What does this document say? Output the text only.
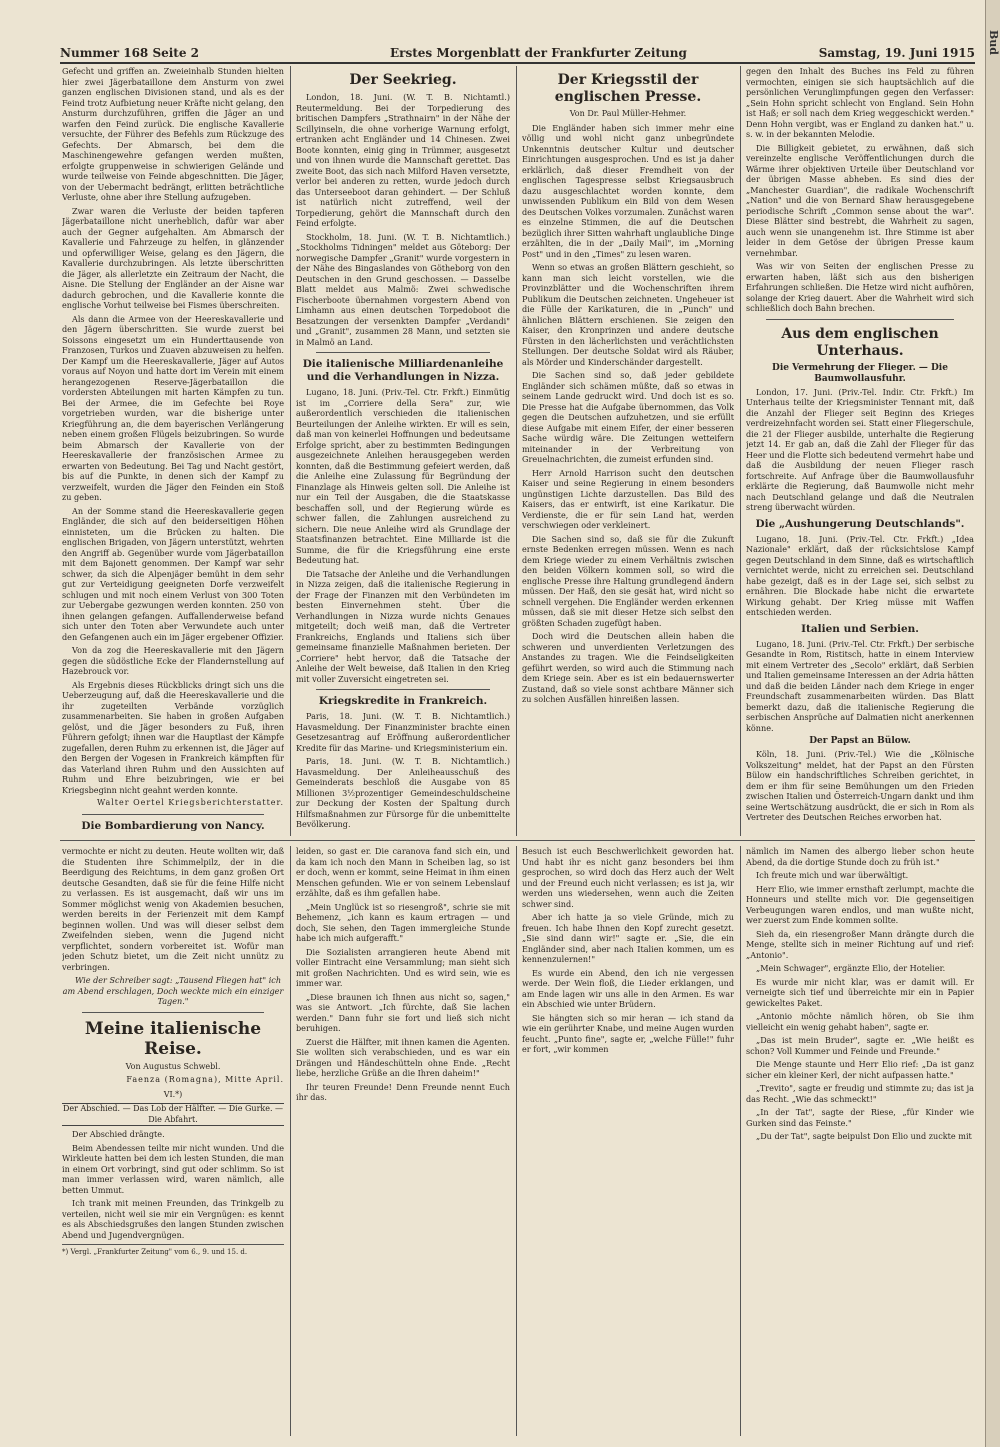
Nummer 168 Seite 2	Erstes Morgenblatt der Frankfurter Zeitung	Samstag, 19. Juni 1915

Gefecht und griffen an. Zweieinhalb Stunden hielten hier zwei Jägerbataillone dem Ansturm von zwei ganzen englischen Divisionen stand, und als es der Feind trotz Aufbietung neuer Kräfte nicht gelang, den Ansturm durchzuführen, griffen die Jäger an und warfen den Feind zurück. Die englische Kavallerie versuchte, der Führer des Befehls zum Rückzuge des Gefechts. Der Abmarsch, bei dem die Maschinengewehre gefangen werden mußten, erfolgte gruppenweise in schwierigen Gelände und wurde teilweise von Feinde abgeschnitten. Die Jäger, von der Uebermacht bedrängt, erlitten beträchtliche Verluste, ohne aber ihre Stellung aufzugeben.

Zwar waren die Verluste der beiden tapferen Jägerbataillone nicht unerheblich, dafür war aber auch der Gegner aufgehalten. Am Abmarsch der Kavallerie und Fahrzeuge zu helfen, in glänzender und opferwilliger Weise, gelang es den Jägern, die Kavallerie durchzubringen. Als letzte überschritten die Jäger, als allerletzte ein Zeitraum der Nacht, die Aisne. Die Stellung der Engländer an der Aisne war dadurch gebrochen, und die Kavallerie konnte die englische Vorhut teilweise bei Fismes überschreiten.

Als dann die Armee von der Heereskavallerie und den Jägern überschritten. Sie wurde zuerst bei Soissons eingesetzt um ein Hunderttausende von Franzosen, Turkos und Zuaven abzuweisen zu helfen. Der Kampf um die Heereskavallerie, Jäger auf Autos voraus auf Noyon und hatte dort im Verein mit einem herangezogenen Reserve-Jägerbataillon die vordersten Abteilungen mit harten Kämpfen zu tun. Bei der Armee, die im Gefechte bei Roye vorgetrieben wurden, war die bisherige unter Kriegführung an, die dem bayerischen Verlängerung neben einem großen Flügels beizubringen. So wurde beim Abmarsch der Kavallerie von der Heereskavallerie der französischen Armee zu erwarten von Bedeutung. Bei Tag und Nacht gestört, bis auf die Punkte, in denen sich der Kampf zu verzweifelt, wurden die Jäger den Feinden ein Stoß zu geben.

An der Somme stand die Heereskavallerie gegen Engländer, die sich auf den beiderseitigen Höhen einnisteten, um die Brücken zu halten. Die englischen Brigaden, von Jägern unterstützt, wehrten den Angriff ab. Gegenüber wurde vom Jägerbataillon mit dem Bajonett genommen. Der Kampf war sehr schwer, da sich die Alpenjäger bemüht in dem sehr gut zur Verteidigung geeigneten Dorfe verzweifelt schlugen und mit noch einem Verlust von 300 Toten zur Uebergabe gezwungen werden konnten. 250 von ihnen gelangen gefangen. Auffallenderweise befand sich unter den Toten aber Verwundete auch unter den Gefangenen auch ein im Jäger ergebener Offizier.

Von da zog die Heereskavallerie mit den Jägern gegen die südöstliche Ecke der Flandernstellung auf Hazebrouck vor.

Als Ergebnis dieses Rückblicks dringt sich uns die Ueberzeugung auf, daß die Heereskavallerie und die ihr zugeteilten Verbände vorzüglich zusammenarbeiten. Sie haben in großen Aufgaben gelöst, und die Jäger besonders zu Fuß, ihren Führern gefolgt; ihnen war die Hauptlast der Kämpfe zugefallen, deren Ruhm zu erkennen ist, die Jäger auf den Bergen der Vogesen in Frankreich kämpften für das Vaterland ihren Ruhm und den Aussichten auf Ruhm und Ehre beizubringen, wie er bei Kriegsbeginn nicht geahnt werden konnte.

Walter Oertel Kriegsberichterstatter.
Die Bombardierung von Nancy.

Der Seekrieg.

London, 18. Juni. (W. T. B. Nichtamtl.) Reutermeldung. Bei der Torpedierung des britischen Dampfers „Strathnairn" in der Nähe der Scillyinseln, die ohne vorherige Warnung erfolgt, ertranken acht Engländer und 14 Chinesen. Zwei Boote konnten, einig ging in Trümmer, ausgesetzt und von ihnen wurde die Mannschaft gerettet. Das zweite Boot, das sich nach Milford Haven versetzte, verlor bei anderen zu retten, wurde jedoch durch das Unterseeboot daran gehindert. — Der Schluß ist natürlich nicht zutreffend, weil der Torpedierung, gehört die Mannschaft durch den Feind erfolgte.

Stockholm, 18. Juni. (W. T. B. Nichtamtlich.) „Stockholms Tidningen" meldet aus Göteborg: Der norwegische Dampfer „Granit" wurde vorgestern in der Nähe des Bingaslandes von Götheborg von den Deutschen in den Grund geschossen. — Dasselbe Blatt meldet aus Malmö: Zwei schwedische Fischerboote übernahmen vorgestern Abend von Limhamn aus einen deutschen Torpedoboot die Besatzungen der versenkten Dampfer „Verdandi" und „Granit", zusammen 28 Mann, und setzten sie in Malmö an Land.

Die italienische Milliardenanleihe und die Verhandlungen in Nizza.

Lugano, 18. Juni. (Priv.-Tel. Ctr. Frkft.) Einmütig ist im „Corriere della Sera" zur, wie außerordentlich verschieden die italienischen Beurteilungen der Anleihe wirkten. Er will es sein, daß man von keinerlei Hoffnungen und bedeutsame Erfolge spricht, aber zu bestimmten Bedingungen ausgezeichnete Anleihen herausgegeben werden konnten, daß die Bestimmung gefeiert werden, daß die Anleihe eine Zulassung für Begründung der Finanzlage als Hinweis gelten soll. Die Anleihe ist nur ein Teil der Ausgaben, die die Staatskasse beschaffen soll, und der Regierung würde es schwer fallen, die Zahlungen ausreichend zu sichern. Die neue Anleihe wird als Grundlage der Staatsfinanzen betrachtet. Eine Milliarde ist die Summe, die für die Kriegsführung eine erste Bedeutung hat.

Die Tatsache der Anleihe und die Verhandlungen in Nizza zeigen, daß die italienische Regierung in der Frage der Finanzen mit den Verbündeten im besten Einvernehmen steht. Über die Verhandlungen in Nizza wurde nichts Genaues mitgeteilt; doch weiß man, daß die Vertreter Frankreichs, Englands und Italiens sich über gemeinsame finanzielle Maßnahmen berieten. Der „Corriere" hebt hervor, daß die Tatsache der Anleihe der Welt beweise, daß Italien in den Krieg mit voller Zuversicht eingetreten sei.

Kriegskredite in Frankreich.

Paris, 18. Juni. (W. T. B. Nichtamtlich.) Havasmeldung. Der Finanzminister brachte einen Gesetzesantrag auf Eröffnung außerordentlicher Kredite für das Marine- und Kriegsministerium ein.

Paris, 18. Juni. (W. T. B. Nichtamtlich.) Havasmeldung. Der Anleiheausschuß des Gemeinderats beschloß die Ausgabe von 85 Millionen 3½prozentiger Gemeindeschuldscheine zur Deckung der Kosten der Spaltung durch Hilfsmaßnahmen zur Fürsorge für die unbemittelte Bevölkerung.

Der Kriegsstil der englischen Presse.
Von Dr. Paul Müller-Hehmer.

Die Engländer haben sich immer mehr eine völlig und wohl nicht ganz unbegründete Unkenntnis deutscher Kultur und deutscher Einrichtungen ausgesprochen. Und es ist ja daher erklärlich, daß dieser Fremdheit von der englischen Tagespresse selbst Kriegsausbruch dazu ausgeschlachtet worden konnte, dem unwissenden Publikum ein Bild von dem Wesen des Deutschen Volkes vorzumalen. Zunächst waren es einzelne Stimmen, die auf die Deutschen bezüglich ihrer Sitten wahrhaft unglaubliche Dinge erzählten, die in der „Daily Mail", im „Morning Post" und in den „Times" zu lesen waren.

Wenn so etwas an großen Blättern geschieht, so kann man sich leicht vorstellen, wie die Provinzblätter und die Wochenschriften ihrem Publikum die Deutschen zeichneten. Ungeheuer ist die Fülle der Karikaturen, die in „Punch" und ähnlichen Blättern erschienen. Sie zeigen den Kaiser, den Kronprinzen und andere deutsche Fürsten in den lächerlichsten und verächtlichsten Stellungen. Der deutsche Soldat wird als Räuber, als Mörder und Kinderschänder dargestellt.

Die Sachen sind so, daß jeder gebildete Engländer sich schämen müßte, daß so etwas in seinem Lande gedruckt wird. Und doch ist es so. Die Presse hat die Aufgabe übernommen, das Volk gegen die Deutschen aufzuhetzen, und sie erfüllt diese Aufgabe mit einem Eifer, der einer besseren Sache würdig wäre. Die Zeitungen wetteifern miteinander in der Verbreitung von Greuelnachrichten, die zumeist erfunden sind.

Herr Arnold Harrison sucht den deutschen Kaiser und seine Regierung in einem besonders ungünstigen Lichte darzustellen. Das Bild des Kaisers, das er entwirft, ist eine Karikatur. Die Verdienste, die er für sein Land hat, werden verschwiegen oder verkleinert.

Die Sachen sind so, daß sie für die Zukunft ernste Bedenken erregen müssen. Wenn es nach dem Kriege wieder zu einem Verhältnis zwischen den beiden Völkern kommen soll, so wird die englische Presse ihre Haltung grundlegend ändern müssen. Der Haß, den sie gesät hat, wird nicht so schnell vergehen. Die Engländer werden erkennen müssen, daß sie mit dieser Hetze sich selbst den größten Schaden zugefügt haben.

Doch wird die Deutschen allein haben die schweren und unverdienten Verletzungen des Anstandes zu tragen. Wie die Feindseligkeiten geführt werden, so wird auch die Stimmung nach dem Kriege sein. Aber es ist ein bedauernswerter Zustand, daß so viele sonst achtbare Männer sich zu solchen Ausfällen hinreißen lassen.

gegen den Inhalt des Buches ins Feld zu führen vermochten, einigen sie sich hauptsächlich auf die persönlichen Verunglimpfungen gegen den Verfasser: „Sein Hohn spricht schlecht von England. Sein Hohn ist Haß; er soll nach dem Krieg weggeschickt werden." Denn Hohn vergibt, was er England zu danken hat." u. s. w. in der bekannten Melodie.

Die Billigkeit gebietet, zu erwähnen, daß sich vereinzelte englische Veröffentlichungen durch die Wärme ihrer objektiven Urteile über Deutschland vor der übrigen Masse abheben. Es sind dies der „Manchester Guardian", die radikale Wochenschrift „Nation" und die von Bernard Shaw herausgegebene periodische Schrift „Common sense about the war". Diese Blätter sind bestrebt, die Wahrheit zu sagen, auch wenn sie unangenehm ist. Ihre Stimme ist aber leider in dem Getöse der übrigen Presse kaum vernehmbar.

Was wir von Seiten der englischen Presse zu erwarten haben, läßt sich aus den bisherigen Erfahrungen schließen. Die Hetze wird nicht aufhören, solange der Krieg dauert. Aber die Wahrheit wird sich schließlich doch Bahn brechen.

Aus dem englischen Unterhaus.
Die Vermehrung der Flieger. — Die Baumwollausfuhr.

London, 17. Juni. (Priv.-Tel. Indir. Ctr. Frkft.) Im Unterhaus teilte der Kriegsminister Tennant mit, daß die Anzahl der Flieger seit Beginn des Krieges verdreizehnfacht worden sei. Statt einer Fliegerschule, die 21 der Flieger ausbilde, unterhalte die Regierung jetzt 14. Er gab an, daß die Zahl der Flieger für das Heer und die Flotte sich bedeutend vermehrt habe und daß die Ausbildung der neuen Flieger rasch fortschreite. Auf Anfrage über die Baumwollausfuhr erklärte die Regierung, daß Baumwolle nicht mehr nach Deutschland gelange und daß die Neutralen streng überwacht würden.

Die „Aushungerung Deutschlands".

Lugano, 18. Juni. (Priv.-Tel. Ctr. Frkft.) „Idea Nazionale" erklärt, daß der rücksichtslose Kampf gegen Deutschland in dem Sinne, daß es wirtschaftlich vernichtet werde, nicht zu erreichen sei. Deutschland habe gezeigt, daß es in der Lage sei, sich selbst zu ernähren. Die Blockade habe nicht die erwartete Wirkung gehabt. Der Krieg müsse mit Waffen entschieden werden.

Italien und Serbien.

Lugano, 18. Juni. (Priv.-Tel. Ctr. Frkft.) Der serbische Gesandte in Rom, Ristitsch, hatte in einem Interview mit einem Vertreter des „Secolo" erklärt, daß Serbien und Italien gemeinsame Interessen an der Adria hätten und daß die beiden Länder nach dem Kriege in enger Freundschaft zusammenarbeiten würden. Das Blatt bemerkt dazu, daß die italienische Regierung die serbischen Ansprüche auf Dalmatien nicht anerkennen könne.

Der Papst an Bülow.

Köln, 18. Juni. (Priv.-Tel.) Wie die „Kölnische Volkszeitung" meldet, hat der Papst an den Fürsten Bülow ein handschriftliches Schreiben gerichtet, in dem er ihm für seine Bemühungen um den Frieden zwischen Italien und Österreich-Ungarn dankt und ihm seine Wertschätzung ausdrückt, die er sich in Rom als Vertreter des Deutschen Reiches erworben hat.

vermochte er nicht zu deuten. Heute wollten wir, daß die Studenten ihre Schimmelpilz, der in die Beerdigung des Reichtums, in dem ganz großen Ort deutsche Gesandten, daß sie für die feine Hilfe nicht zu verlassen. Es ist ausgemacht, daß wir uns im Sommer möglichst wenig von Akademien besuchen, werden bereits in der Ferienzeit mit dem Kampf beginnen wollen. Und was will dieser selbst dem Zweifelnden sieben, wenn die Jugend nicht verpflichtet, sondern vorbereitet ist. Wofür man jeden Schutz bietet, um die Zeit nicht unnütz zu verbringen.

Wie der Schreiber sagt: „Tausend Fliegen hat" ich am Abend erschlagen, Doch weckte mich ein einziger Tagen."

Meine italienische Reise.
Von Augustus Schwebl.
Faenza (Romagna), Mitte April.
VI.*)
Der Abschied. — Das Lob der Hälfter. — Die Gurke. — Die Abfahrt.

Der Abschied drängte.

Beim Abendessen teilte mir nicht wunden. Und die Wirkleute hatten bei dem ich lesten Stunden, die man in einem Ort vorbringt, sind gut oder schlimm. So ist man immer verlassen wird, waren nämlich, alle betten Ummut.

Ich trank mit meinen Freunden, das Trinkgelb zu verteilen, nicht weil sie mir ein Vergnügen: es kennt es als Abschiedsgrußes den langen Stunden zwischen Abend und Jugendvergnügen.

*) Vergl. „Frankfurter Zeitung" vom 6., 9. und 15. d.

leiden, so gast er. Die caranova fand sich ein, und da kam ich noch den Mann in Scheiben lag, so ist er doch, wenn er kommt, seine Heimat in ihm einen Menschen gefunden. Wie er von seinem Lebenslauf erzählte, daß es ihm gefallen habe.

„Mein Unglück ist so riesengroß", schrie sie mit Behemenz, „ich kann es kaum ertragen — und doch, Sie sehen, den Tagen immergleiche Stunde habe ich mich aufgerafft."

Die Sozialisten arrangieren heute Abend mit voller Eintracht eine Versammlung; man sieht sich mit großen Nachrichten. Und es wird sein, wie es immer war.

„Diese braunen ich Ihnen aus nicht so, sagen," was sie Antwort. „Ich fürchte, daß Sie lachen werden." Dann fuhr sie fort und ließ sich nicht beruhigen.

Zuerst die Hälfter, mit ihnen kamen die Agenten. Sie wollten sich verabschieden, und es war ein Drängen und Händeschütteln ohne Ende. „Recht liebe, herzliche Grüße an die Ihren daheim!"

Ihr teuren Freunde! Denn Freunde nennt Euch ihr das.

Besuch ist euch Beschwerlichkeit geworden hat. Und habt ihr es nicht ganz besonders bei ihm gesprochen, so wird doch das Herz auch der Welt und der Freund euch nicht verlassen; es ist ja, wir werden uns wiedersehen, wenn auch die Zeiten schwer sind.

Aber ich hatte ja so viele Gründe, mich zu freuen. Ich habe Ihnen den Kopf zurecht gesetzt. „Sie sind dann wir!" sagte er. „Sie, die ein Engländer sind, aber nach Italien kommen, um es kennenzulernen!"

Es wurde ein Abend, den ich nie vergessen werde. Der Wein floß, die Lieder erklangen, und am Ende lagen wir uns alle in den Armen. Es war ein Abschied wie unter Brüdern.

Sie hängten sich so mir heran — ich stand da wie ein gerührter Knabe, und meine Augen wurden feucht. „Punto fine", sagte er, „welche Fülle!" fuhr er fort, „wir kommen

nämlich im Namen des albergo lieber schon heute Abend, da die dortige Stunde doch zu früh ist."

Ich freute mich und war überwältigt.

Herr Elio, wie immer ernsthaft zerlumpt, machte die Honneurs und stellte mich vor. Die gegenseitigen Verbeugungen waren endlos, und man wußte nicht, wer zuerst zum Ende kommen sollte.

Sieh da, ein riesengroßer Mann drängte durch die Menge, stellte sich in meiner Richtung auf und rief: „Antonio".

„Mein Schwager", ergänzte Elio, der Hotelier.

Es wurde mir nicht klar, was er damit will. Er verneigte sich tief und überreichte mir ein in Papier gewickeltes Paket.

„Antonio möchte nämlich hören, ob Sie ihm vielleicht ein wenig gehabt haben", sagte er.

„Das ist mein Bruder", sagte er. „Wie heißt es schon? Voll Kummer und Feinde und Freunde."

Die Menge staunte und Herr Elio rief: „Da ist ganz sicher ein kleiner Kerl, der nicht aufpassen hatte."

„Trevito", sagte er freudig und stimmte zu; das ist ja das Recht. „Wie das schmeckt!"

„In der Tat", sagte der Riese, „für Kinder wie Gurken sind das Feinste."

„Du der Tat", sagte beipulst Don Elio und zuckte mit

Bud
